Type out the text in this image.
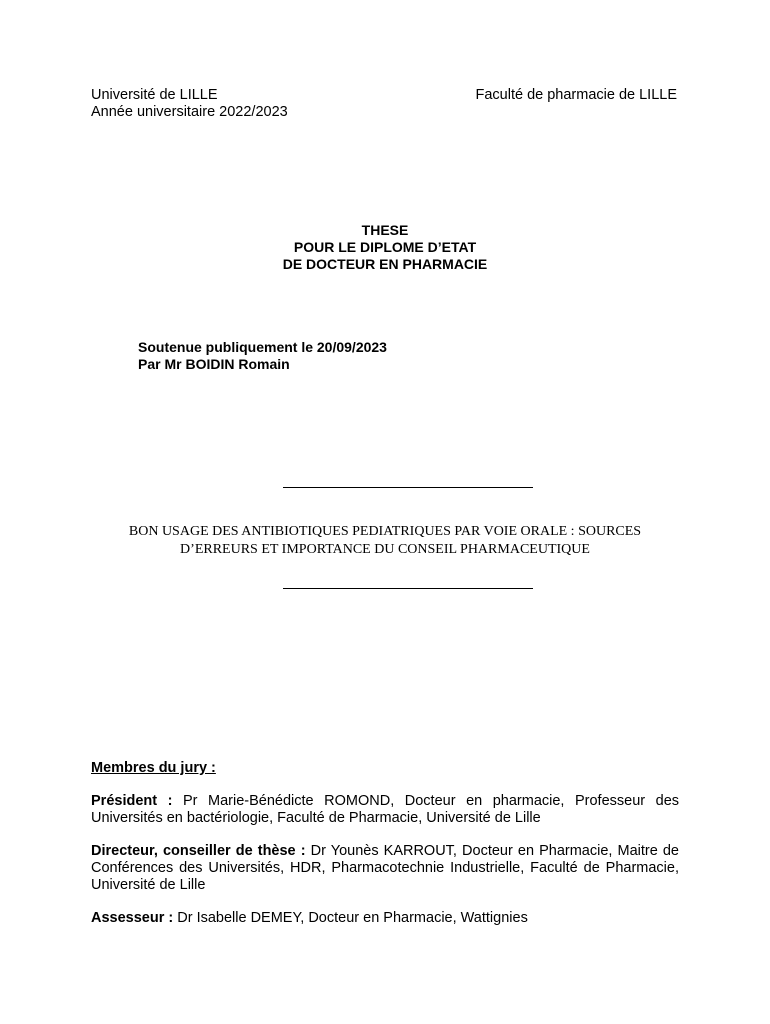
Université de LILLE
Année universitaire 2022/2023
Faculté de pharmacie de LILLE
THESE
POUR LE DIPLOME D’ETAT
DE DOCTEUR EN PHARMACIE
Soutenue publiquement le 20/09/2023
Par Mr BOIDIN Romain
BON USAGE DES ANTIBIOTIQUES PEDIATRIQUES PAR VOIE ORALE : SOURCES
D’ERREURS ET IMPORTANCE DU CONSEIL PHARMACEUTIQUE
Membres du jury :
Président : Pr Marie-Bénédicte ROMOND, Docteur en pharmacie, Professeur des Universités en bactériologie, Faculté de Pharmacie, Université de Lille
Directeur, conseiller de thèse : Dr Younès KARROUT, Docteur en Pharmacie, Maitre de Conférences des Universités, HDR, Pharmacotechnie Industrielle, Faculté de Pharmacie, Université de Lille
Assesseur : Dr Isabelle DEMEY, Docteur en Pharmacie, Wattignies
